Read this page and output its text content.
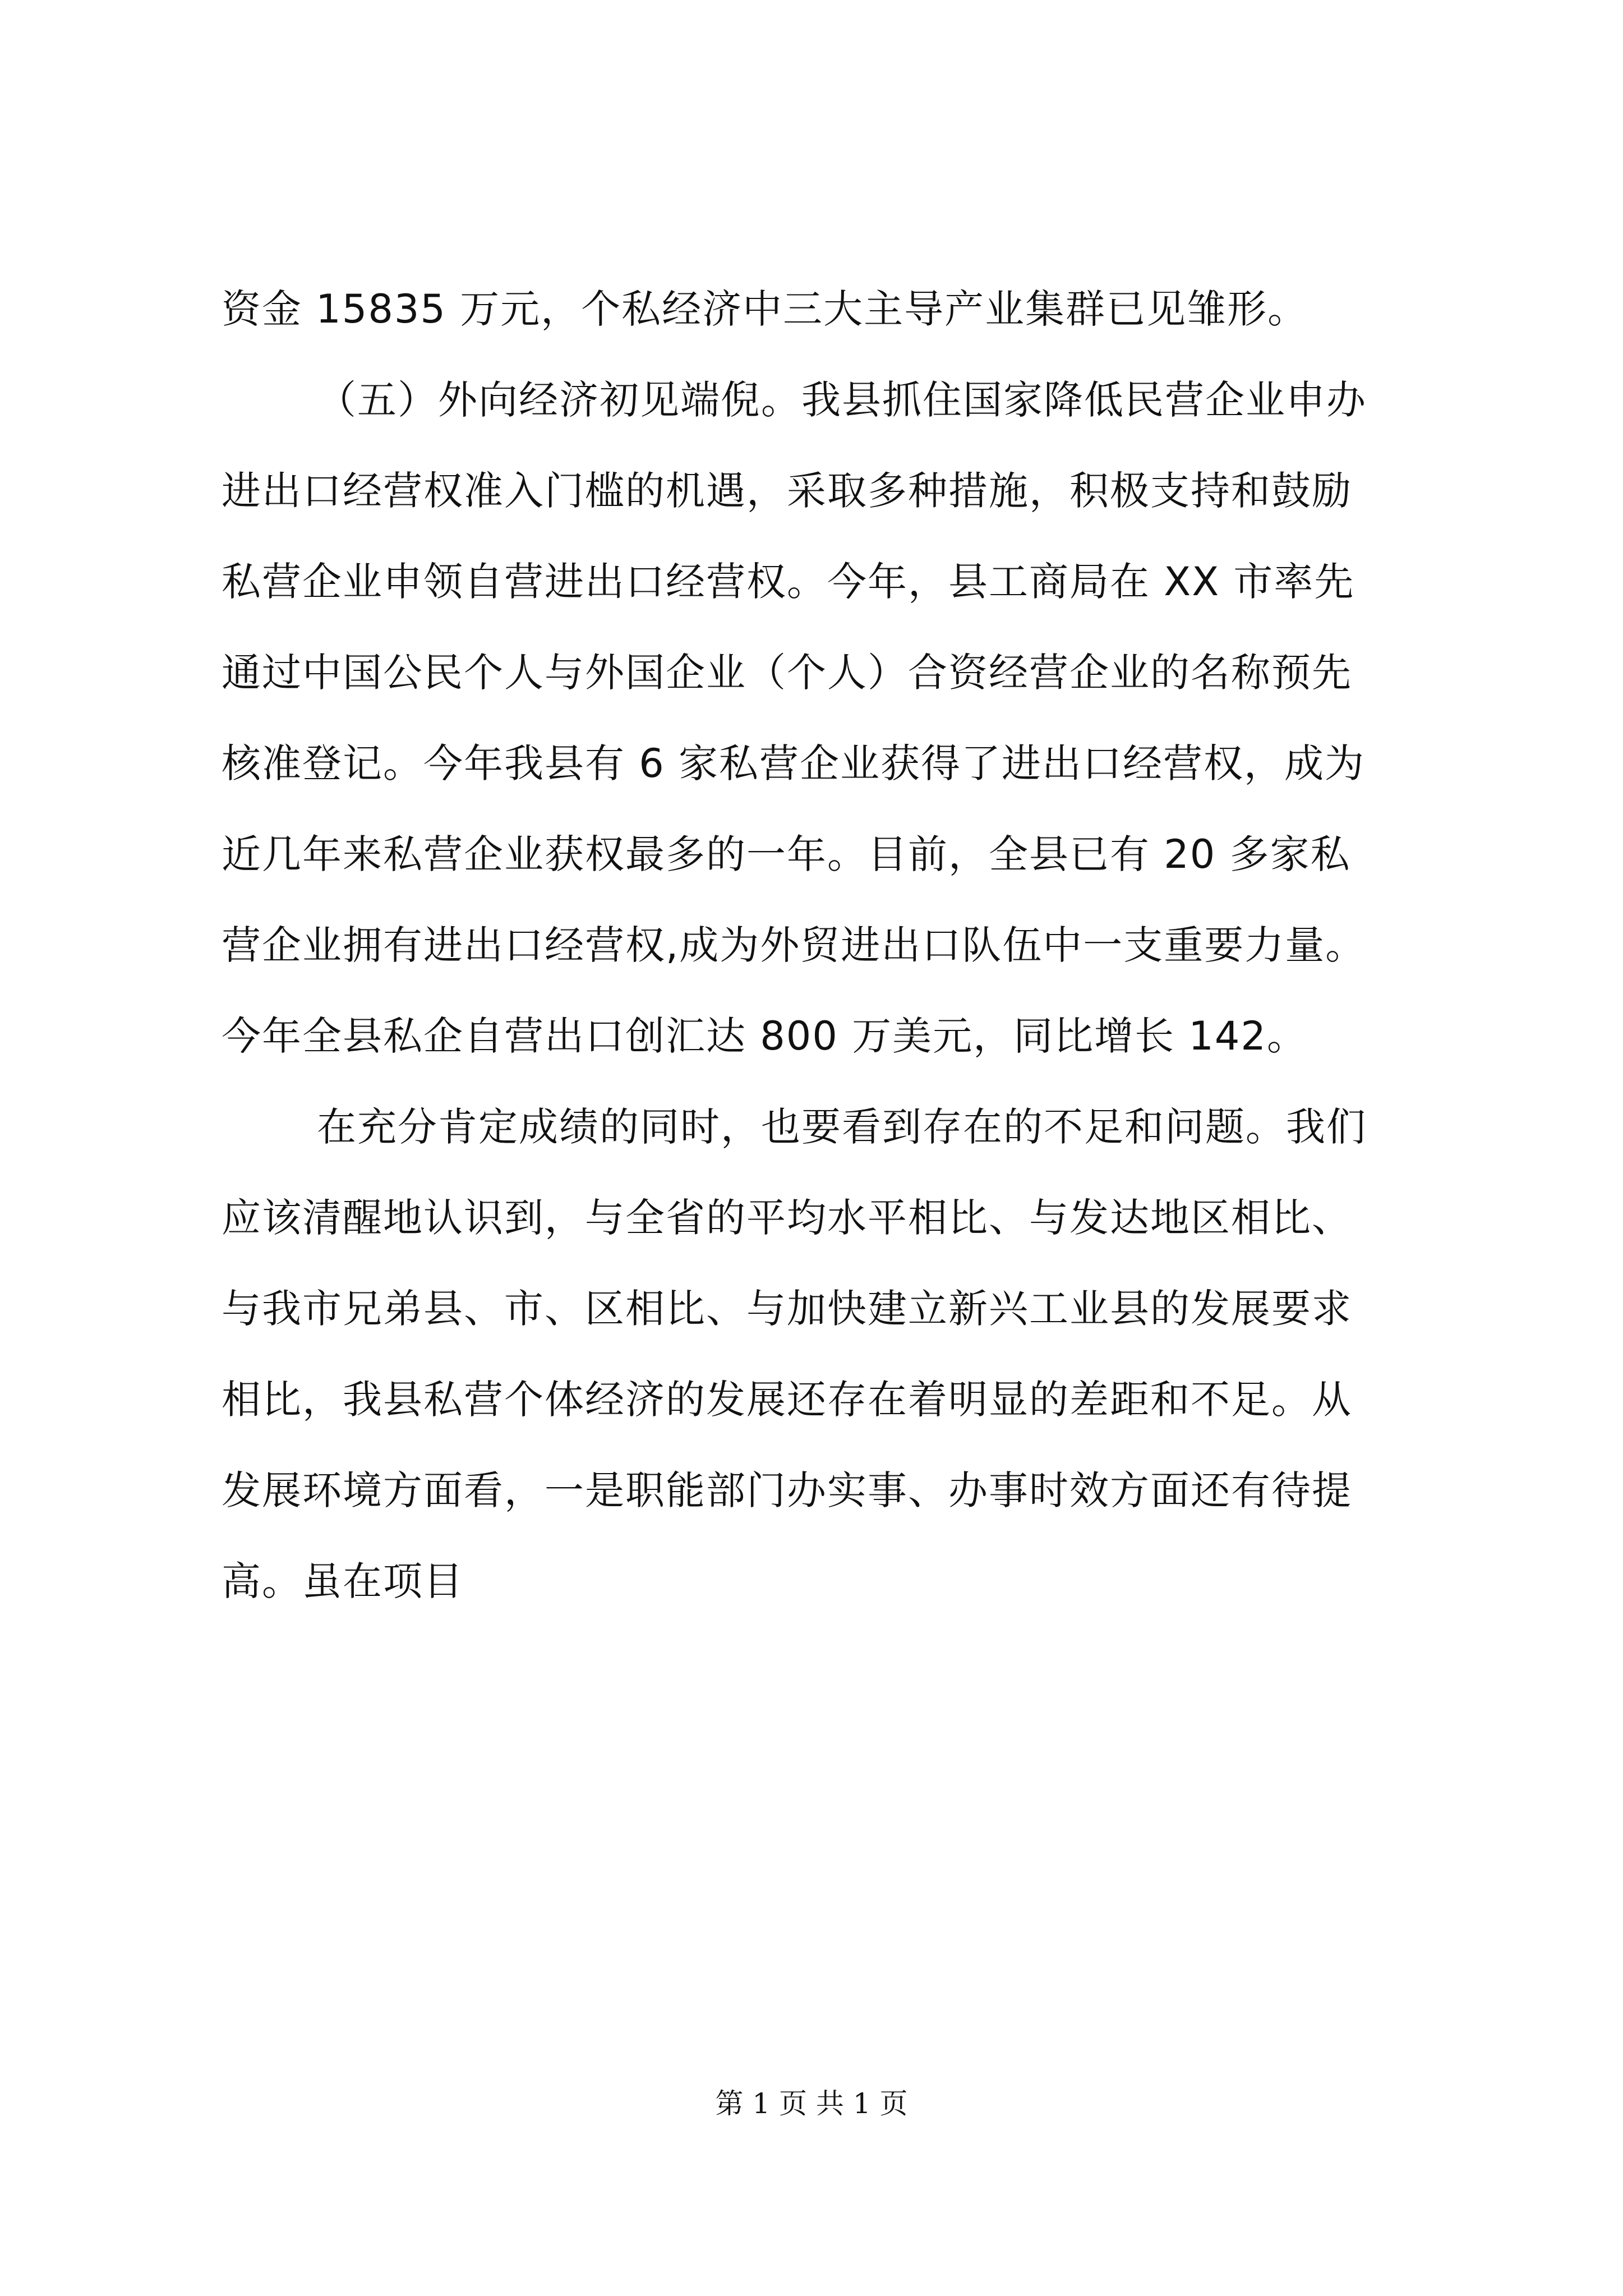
资金 15835 万元，个私经济中三大主导产业集群已见雏形。
（五）外向经济初见端倪。我县抓住国家降低民营企业申办
进出口经营权准入门槛的机遇，采取多种措施，积极支持和鼓励
私营企业申领自营进出口经营权。今年，县工商局在 XX 市率先
通过中国公民个人与外国企业（个人）合资经营企业的名称预先
核准登记。今年我县有 6 家私营企业获得了进出口经营权，成为
近几年来私营企业获权最多的一年。目前，全县已有 20 多家私
营企业拥有进出口经营权,成为外贸进出口队伍中一支重要力量。
今年全县私企自营出口创汇达 800 万美元，同比增长 142。
在充分肯定成绩的同时，也要看到存在的不足和问题。我们
应该清醒地认识到，与全省的平均水平相比、与发达地区相比、
与我市兄弟县、市、区相比、与加快建立新兴工业县的发展要求
相比，我县私营个体经济的发展还存在着明显的差距和不足。从
发展环境方面看，一是职能部门办实事、办事时效方面还有待提
高。虽在项目
第 1 页 共 1 页
